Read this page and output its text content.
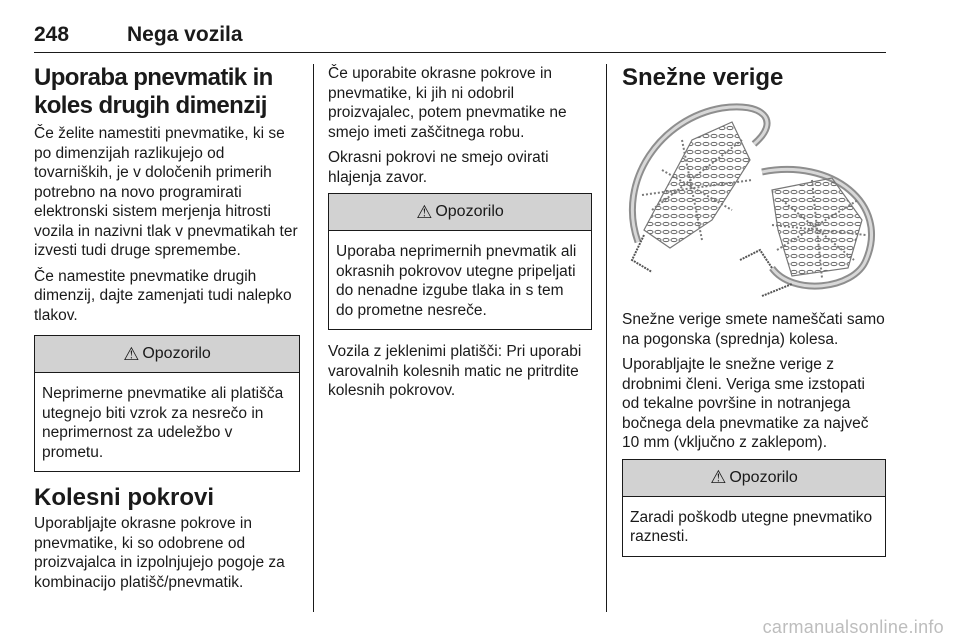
248	Nega vozila
Uporaba pnevmatik in koles drugih dimenzij

Če želite namestiti pnevmatike, ki se po dimenzijah razlikujejo od tovarniških, je v določenih primerih potrebno na novo programirati elektronski sistem merjenja hitrosti vozila in nazivni tlak v pnevmatikah ter izvesti tudi druge spremembe.

Če namestite pnevmatike drugih dimenzij, dajte zamenjati tudi nalepko tlakov.

⚠ Opozorilo
Neprimerne pnevmatike ali platišča utegnejo biti vzrok za nesrečo in neprimernost za udeležbo v prometu.
Kolesni pokrovi

Uporabljajte okrasne pokrove in pnevmatike, ki so odobrene od proizvajalca in izpolnjujejo pogoje za kombinacijo platišč/pnevmatik.

Če uporabite okrasne pokrove in pnevmatike, ki jih ni odobril proizvajalec, potem pnevmatike ne smejo imeti zaščitnega robu.

Okrasni pokrovi ne smejo ovirati hlajenja zavor.

⚠ Opozorilo
Uporaba neprimernih pnevmatik ali okrasnih pokrovov utegne pripeljati do nenadne izgube tlaka in s tem do prometne nesreče.

Vozila z jeklenimi platišči: Pri uporabi varovalnih kolesnih matic ne pritrdite kolesnih pokrovov.

Snežne verige

Snežne verige smete nameščati samo na pogonska (sprednja) kolesa.

Uporabljajte le snežne verige z drobnimi členi. Veriga sme izstopati od tekalne površine in notranjega bočnega dela pnevmatike za največ 10 mm (vključno z zaklepom).

⚠ Opozorilo
Zaradi poškodb utegne pnevmatiko raznesti.
carmanualsonline.info
